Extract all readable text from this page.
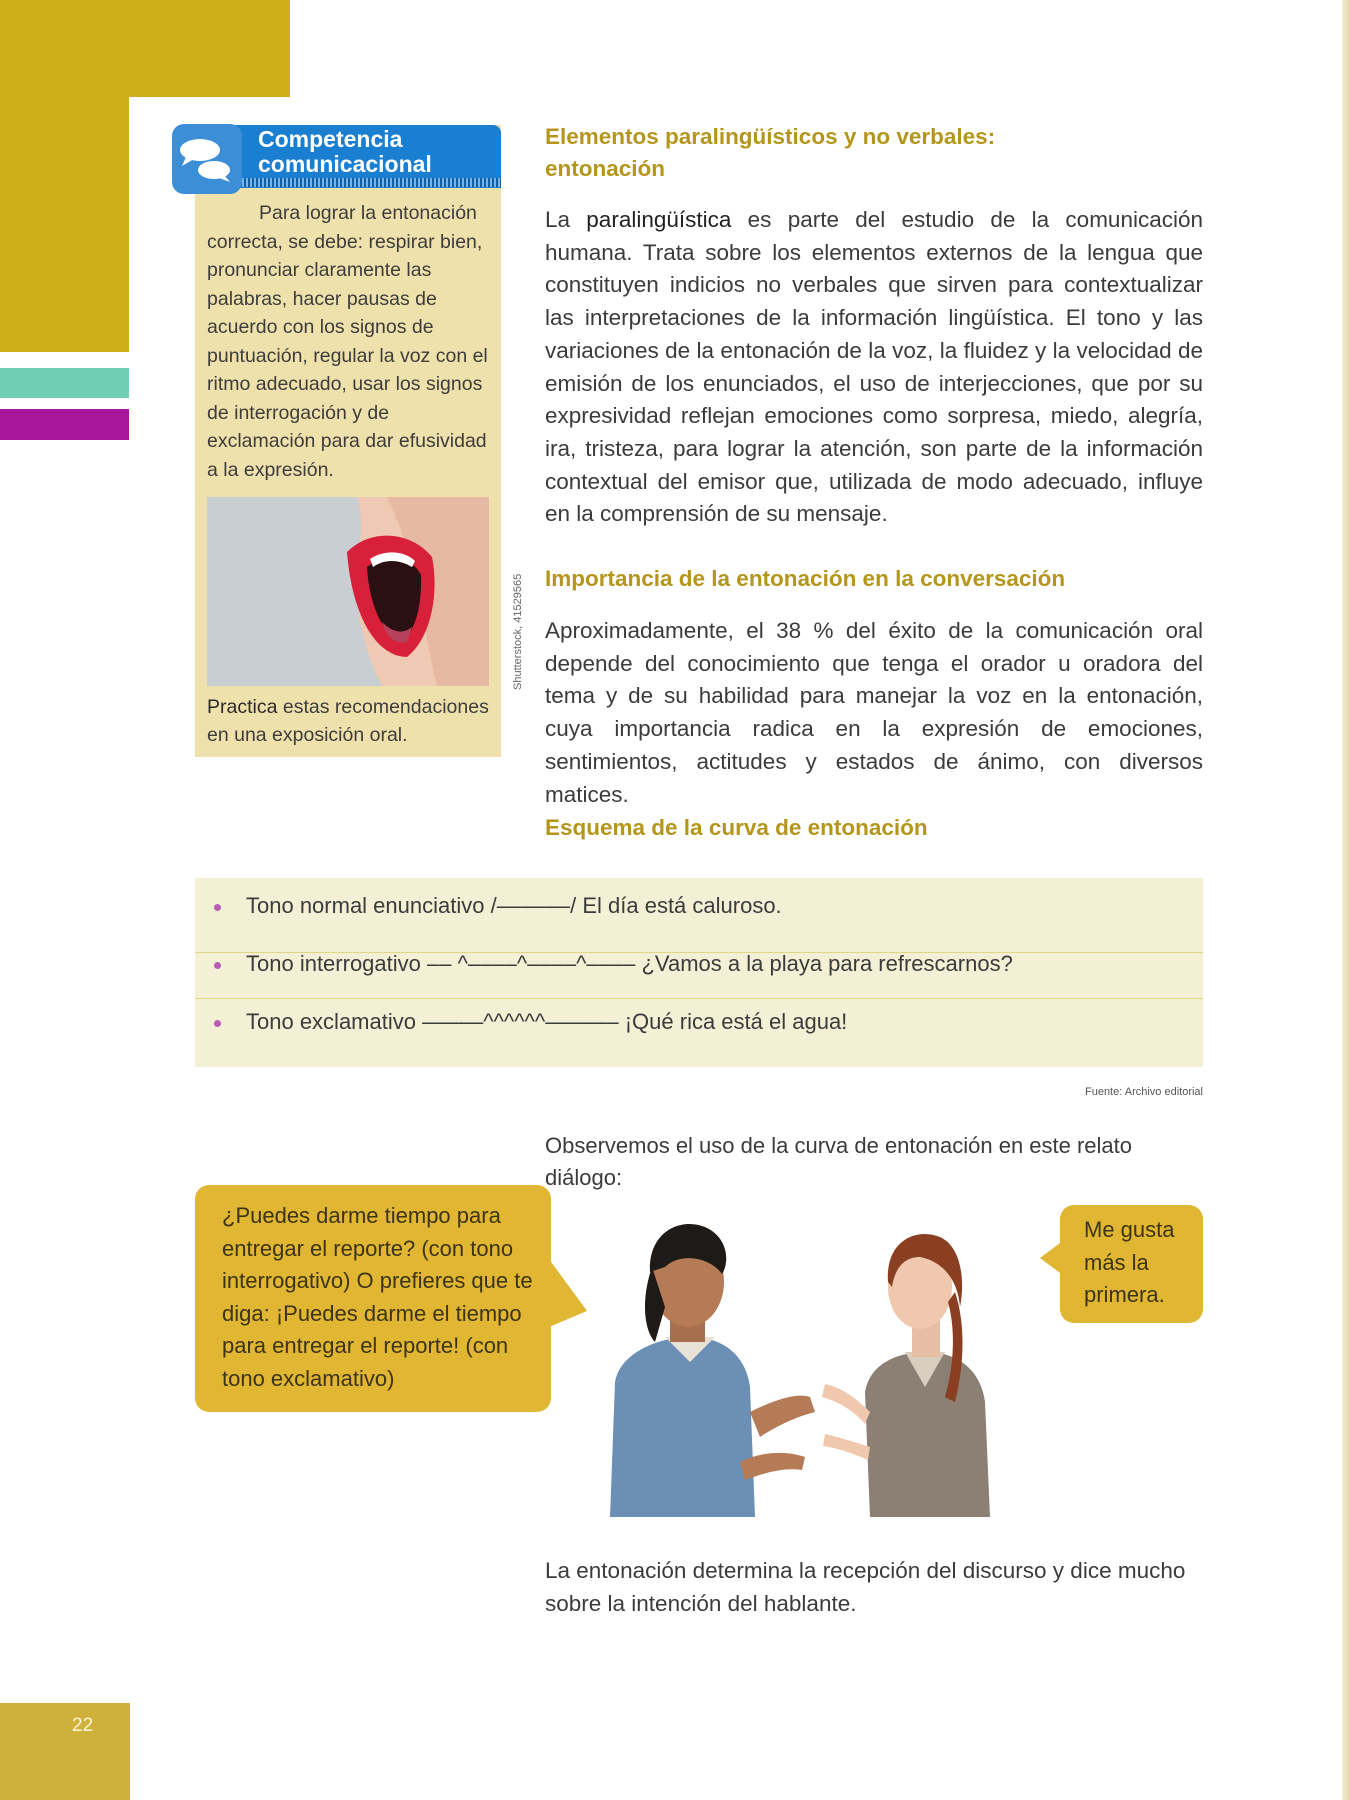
22
Competencia
comunicacional
Para lograr la entonación correcta, se debe: respirar bien, pronunciar claramente las palabras, hacer pausas de acuerdo con los signos de puntuación, regular la voz con el ritmo adecuado, usar los signos de interrogación y de exclamación para dar efusividad a la expresión.
Shutterstock, 41529565
Practica estas recomendaciones en una exposición oral.
Elementos paralingüísticos y no verbales:
entonación
La paralingüística es parte del estudio de la comunicación humana. Trata sobre los elementos externos de la lengua que constituyen indicios no verbales que sirven para contextualizar las interpretaciones de la información lingüística. El tono y las variaciones de la entonación de la voz, la fluidez y la velocidad de emisión de los enunciados, el uso de interjecciones, que por su expresividad reflejan emociones como sorpresa, miedo, alegría, ira, tristeza, para lograr la atención, son parte de la información contextual del emisor que, utilizada de modo adecuado, influye en la comprensión de su mensaje.
Importancia de la entonación en la conversación
Aproximadamente, el 38 % del éxito de la comunicación oral depende del conocimiento que tenga el orador u oradora del tema y de su habilidad para manejar la voz en la entonación, cuya importancia radica en la expresión de emociones, sentimientos, actitudes y estados de ánimo, con diversos matices.
Esquema de la curva de entonación
Tono normal enunciativo /––––––/ El día está caluroso.
Tono interrogativo –– ^––––^––––^–––– ¿Vamos a la playa para refrescarnos?
Tono exclamativo –––––^^^^^^–––––– ¡Qué rica está el agua!
Fuente: Archivo editorial
Observemos el uso de la curva de entonación en este relato diálogo:
¿Puedes darme tiempo para entregar el reporte? (con tono interrogativo) O prefieres que te diga: ¡Puedes darme el tiempo para entregar el reporte! (con tono exclamativo)
Me gusta más la primera.
La entonación determina la recepción del discurso y dice mucho sobre la intención del hablante.
